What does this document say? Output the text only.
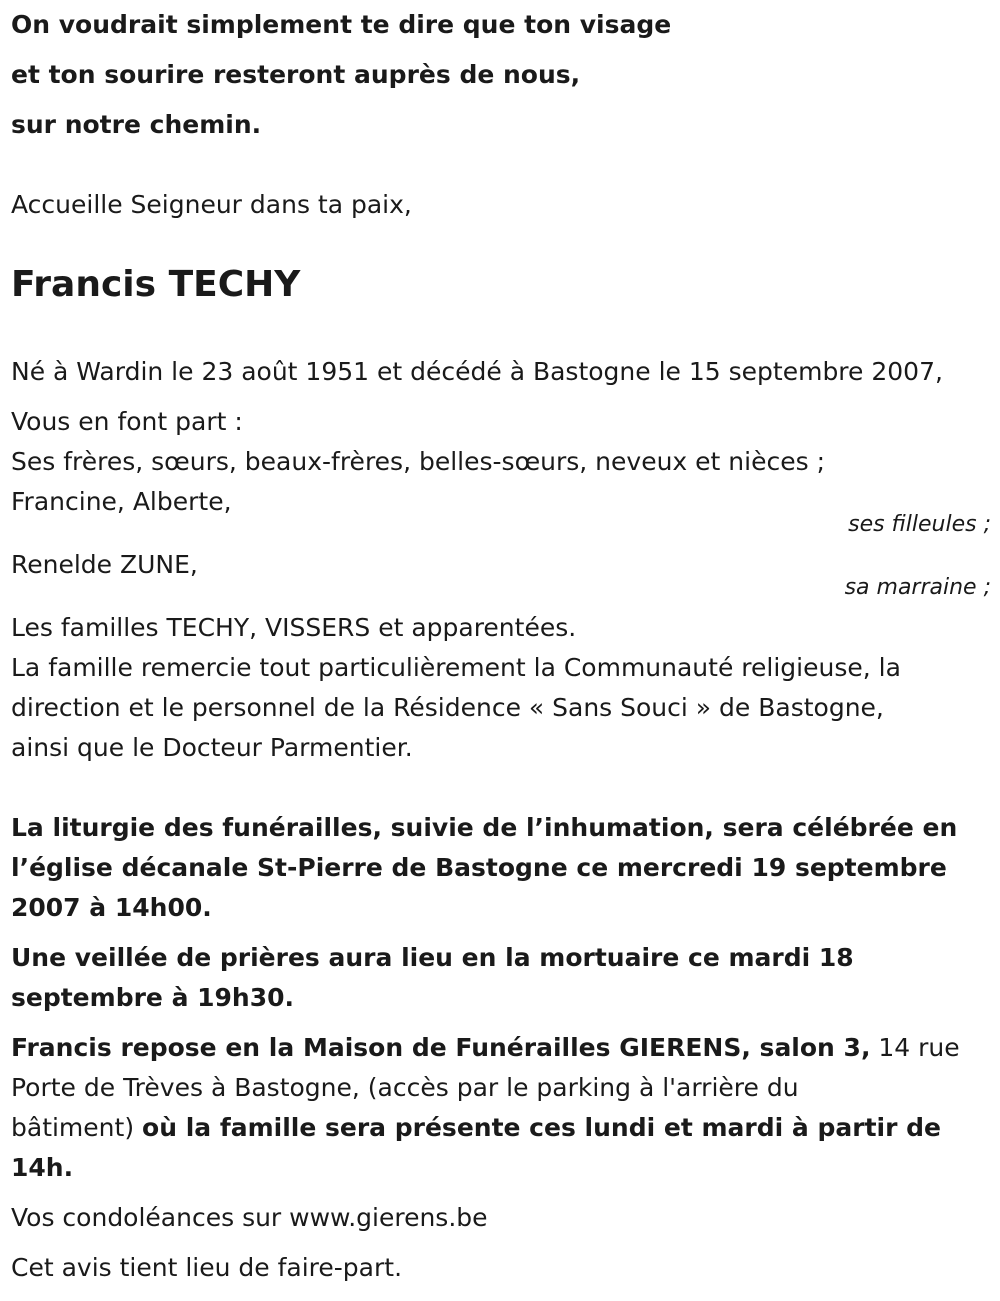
On voudrait simplement te dire que ton visage
et ton sourire resteront auprès de nous,
sur notre chemin.
Accueille Seigneur dans ta paix,
Francis TECHY
Né à Wardin le 23 août 1951 et décédé à Bastogne le 15 septembre 2007,
Vous en font part :
Ses frères, sœurs, beaux-frères, belles-sœurs, neveux et nièces ;
Francine, Alberte,
ses filleules ;
Renelde ZUNE,
sa marraine ;
Les familles TECHY, VISSERS et apparentées.
La famille remercie tout particulièrement la Communauté religieuse, la
direction et le personnel de la Résidence « Sans Souci » de Bastogne,
ainsi que le Docteur Parmentier.
La liturgie des funérailles, suivie de l’inhumation, sera célébrée en
l’église décanale St-Pierre de Bastogne ce mercredi 19 septembre
2007 à 14h00.
Une veillée de prières aura lieu en la mortuaire ce mardi 18
septembre à 19h30.
Francis repose en la Maison de Funérailles GIERENS, salon 3, 14 rue
Porte de Trèves à Bastogne, (accès par le parking à l'arrière du
bâtiment) où la famille sera présente ces lundi et mardi à partir de
14h.
Vos condoléances sur www.gierens.be
Cet avis tient lieu de faire-part.
